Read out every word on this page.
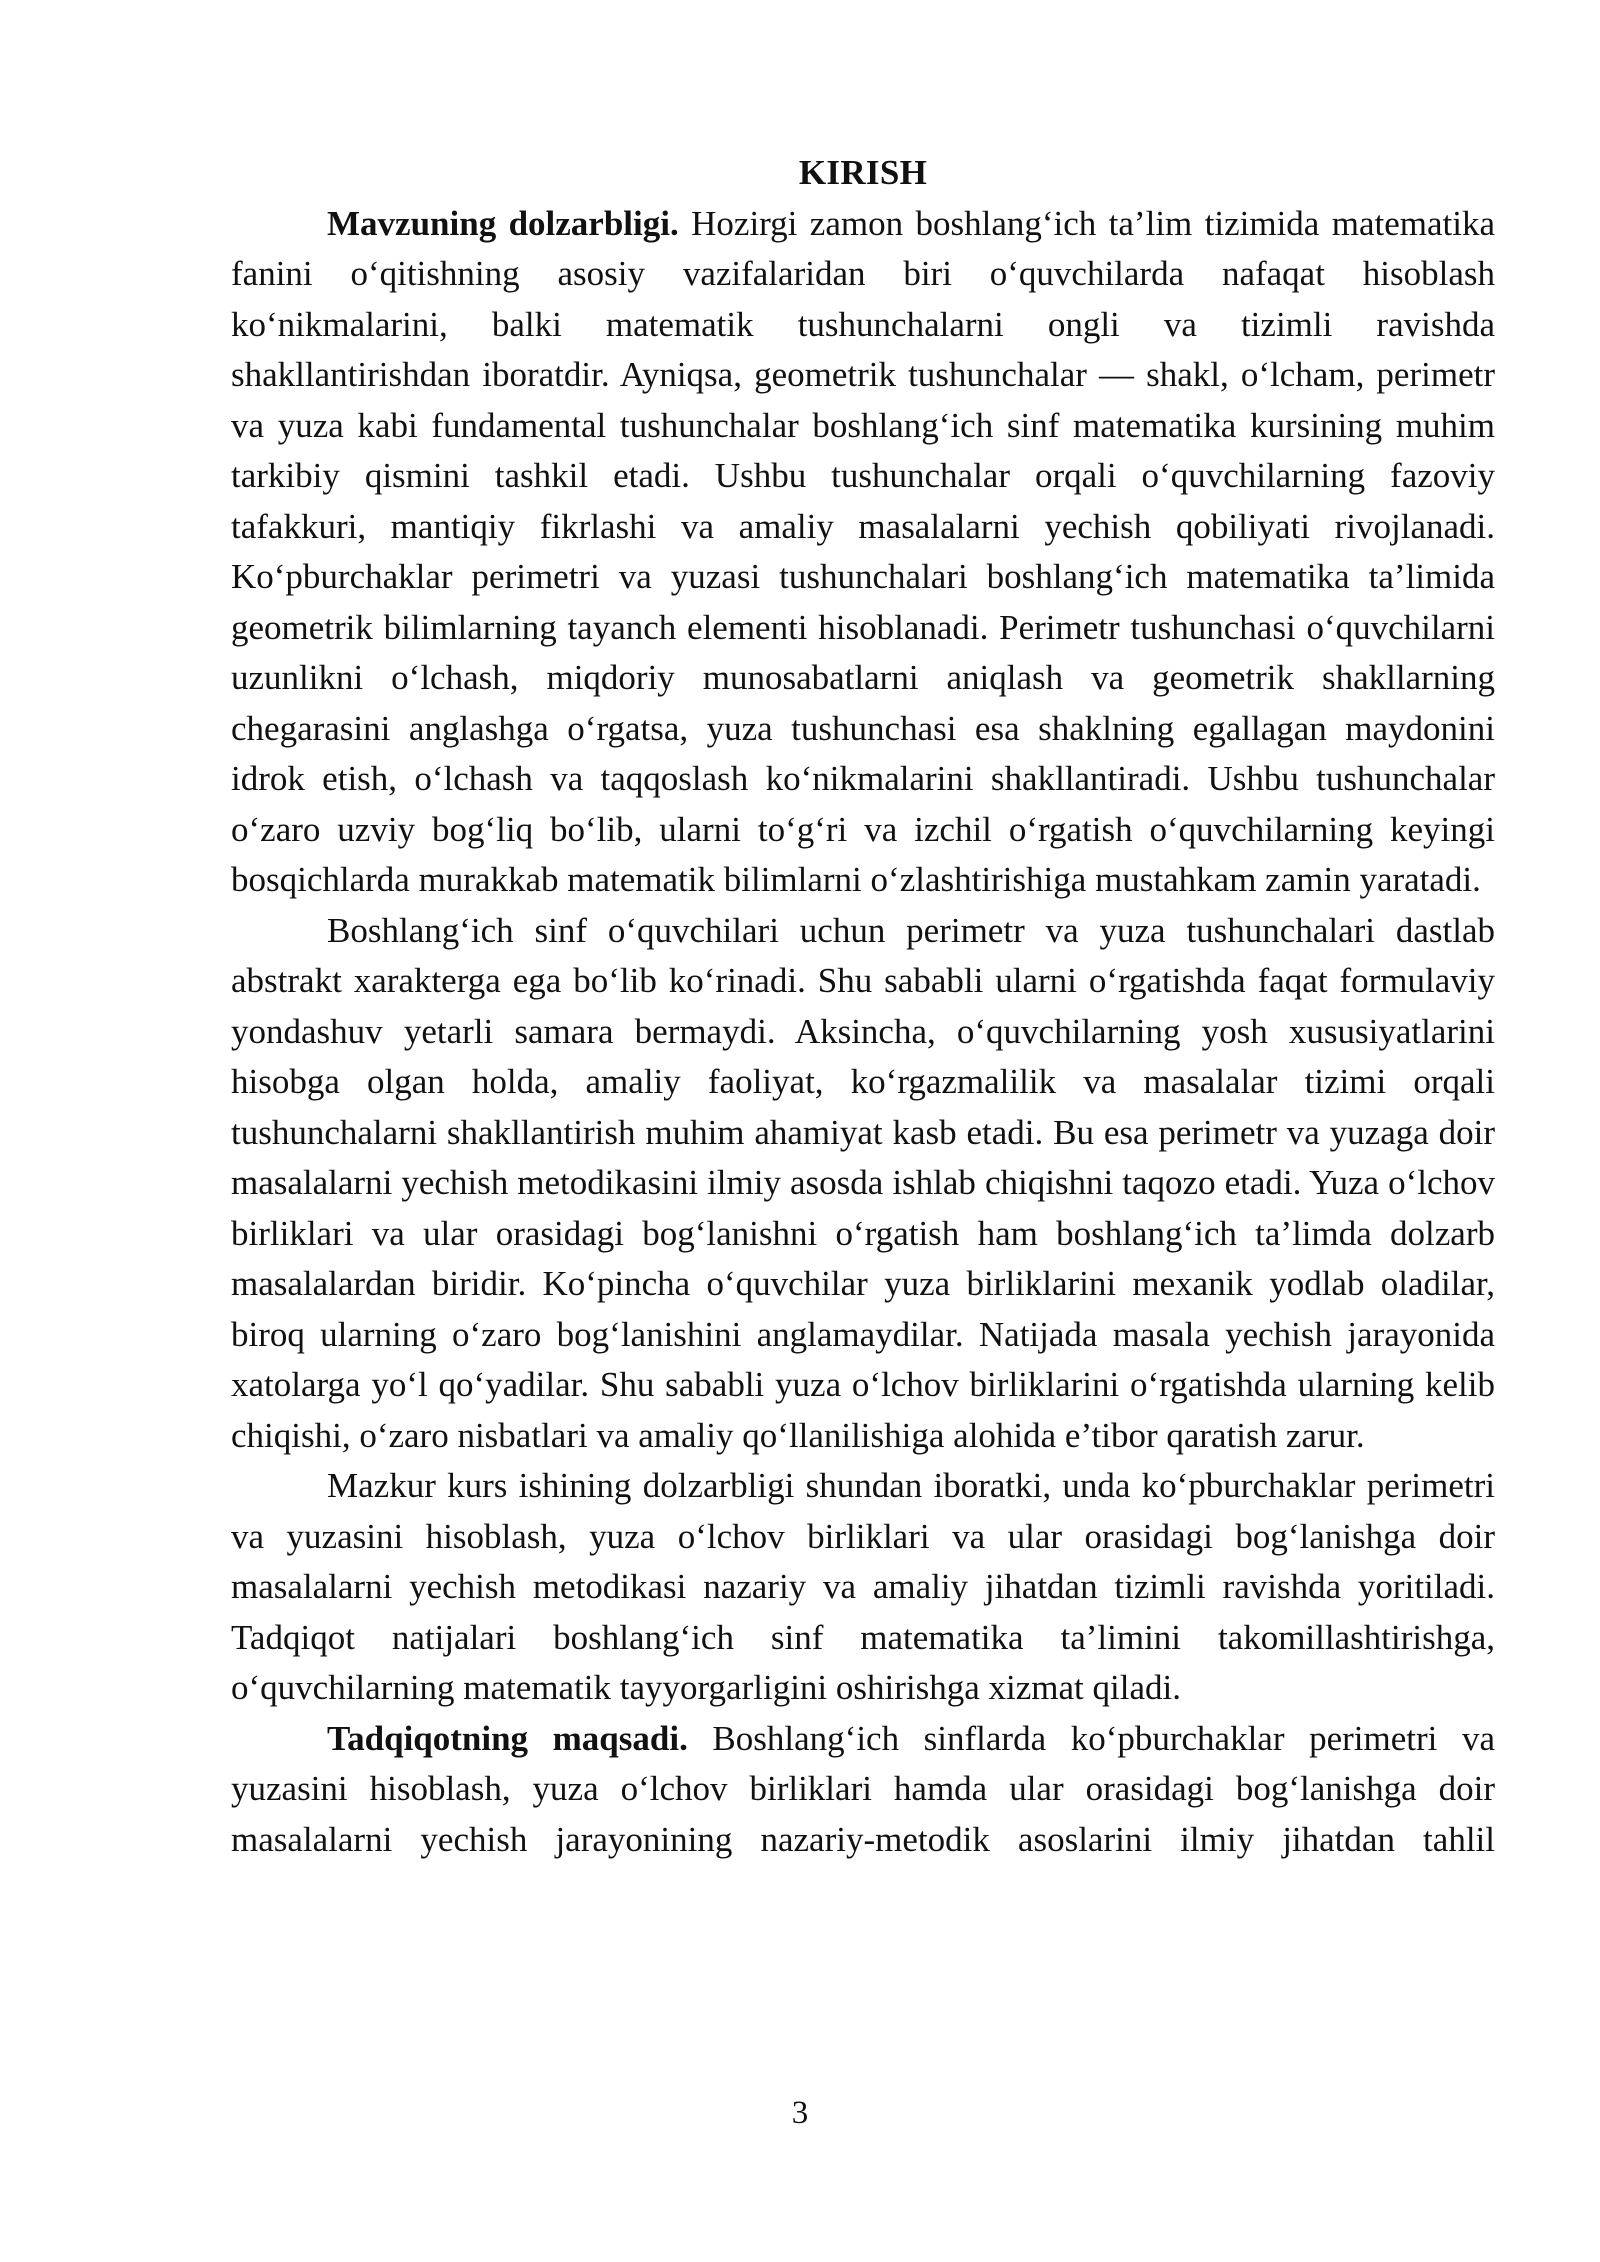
KIRISH

Mavzuning dolzarbligi. Hozirgi zamon boshlang‘ich ta’lim tizimida matematika fanini o‘qitishning asosiy vazifalaridan biri o‘quvchilarda nafaqat hisoblash ko‘nikmalarini, balki matematik tushunchalarni ongli va tizimli ravishda shakllantirishdan iboratdir. Ayniqsa, geometrik tushunchalar — shakl, o‘lcham, perimetr va yuza kabi fundamental tushunchalar boshlang‘ich sinf matematika kursining muhim tarkibiy qismini tashkil etadi. Ushbu tushunchalar orqali o‘quvchilarning fazoviy tafakkuri, mantiqiy fikrlashi va amaliy masalalarni yechish qobiliyati rivojlanadi. Ko‘pburchaklar perimetri va yuzasi tushunchalari boshlang‘ich matematika ta’limida geometrik bilimlarning tayanch elementi hisoblanadi. Perimetr tushunchasi o‘quvchilarni uzunlikni o‘lchash, miqdoriy munosabatlarni aniqlash va geometrik shakllarning chegarasini anglashga o‘rgatsa, yuza tushunchasi esa shaklning egallagan maydonini idrok etish, o‘lchash va taqqoslash ko‘nikmalarini shakllantiradi. Ushbu tushunchalar o‘zaro uzviy bog‘liq bo‘lib, ularni to‘g‘ri va izchil o‘rgatish o‘quvchilarning keyingi bosqichlarda murakkab matematik bilimlarni o‘zlashtirishiga mustahkam zamin yaratadi.

Boshlang‘ich sinf o‘quvchilari uchun perimetr va yuza tushunchalari dastlab abstrakt xarakterga ega bo‘lib ko‘rinadi. Shu sababli ularni o‘rgatishda faqat formulaviy yondashuv yetarli samara bermaydi. Aksincha, o‘quvchilarning yosh xususiyatlarini hisobga olgan holda, amaliy faoliyat, ko‘rgazmalilik va masalalar tizimi orqali tushunchalarni shakllantirish muhim ahamiyat kasb etadi. Bu esa perimetr va yuzaga doir masalalarni yechish metodikasini ilmiy asosda ishlab chiqishni taqozo etadi. Yuza o‘lchov birliklari va ular orasidagi bog‘lanishni o‘rgatish ham boshlang‘ich ta’limda dolzarb masalalardan biridir. Ko‘pincha o‘quvchilar yuza birliklarini mexanik yodlab oladilar, biroq ularning o‘zaro bog‘lanishini anglamaydilar. Natijada masala yechish jarayonida xatolarga yo‘l qo‘yadilar. Shu sababli yuza o‘lchov birliklarini o‘rgatishda ularning kelib chiqishi, o‘zaro nisbatlari va amaliy qo‘llanilishiga alohida e’tibor qaratish zarur.

Mazkur kurs ishining dolzarbligi shundan iboratki, unda ko‘pburchaklar perimetri va yuzasini hisoblash, yuza o‘lchov birliklari va ular orasidagi bog‘lanishga doir masalalarni yechish metodikasi nazariy va amaliy jihatdan tizimli ravishda yoritiladi. Tadqiqot natijalari boshlang‘ich sinf matematika ta’limini takomillashtirishga, o‘quvchilarning matematik tayyorgarligini oshirishga xizmat qiladi.

Tadqiqotning maqsadi. Boshlang‘ich sinflarda ko‘pburchaklar perimetri va yuzasini hisoblash, yuza o‘lchov birliklari hamda ular orasidagi bog‘lanishga doir masalalarni yechish jarayonining nazariy-metodik asoslarini ilmiy jihatdan tahlil

3
